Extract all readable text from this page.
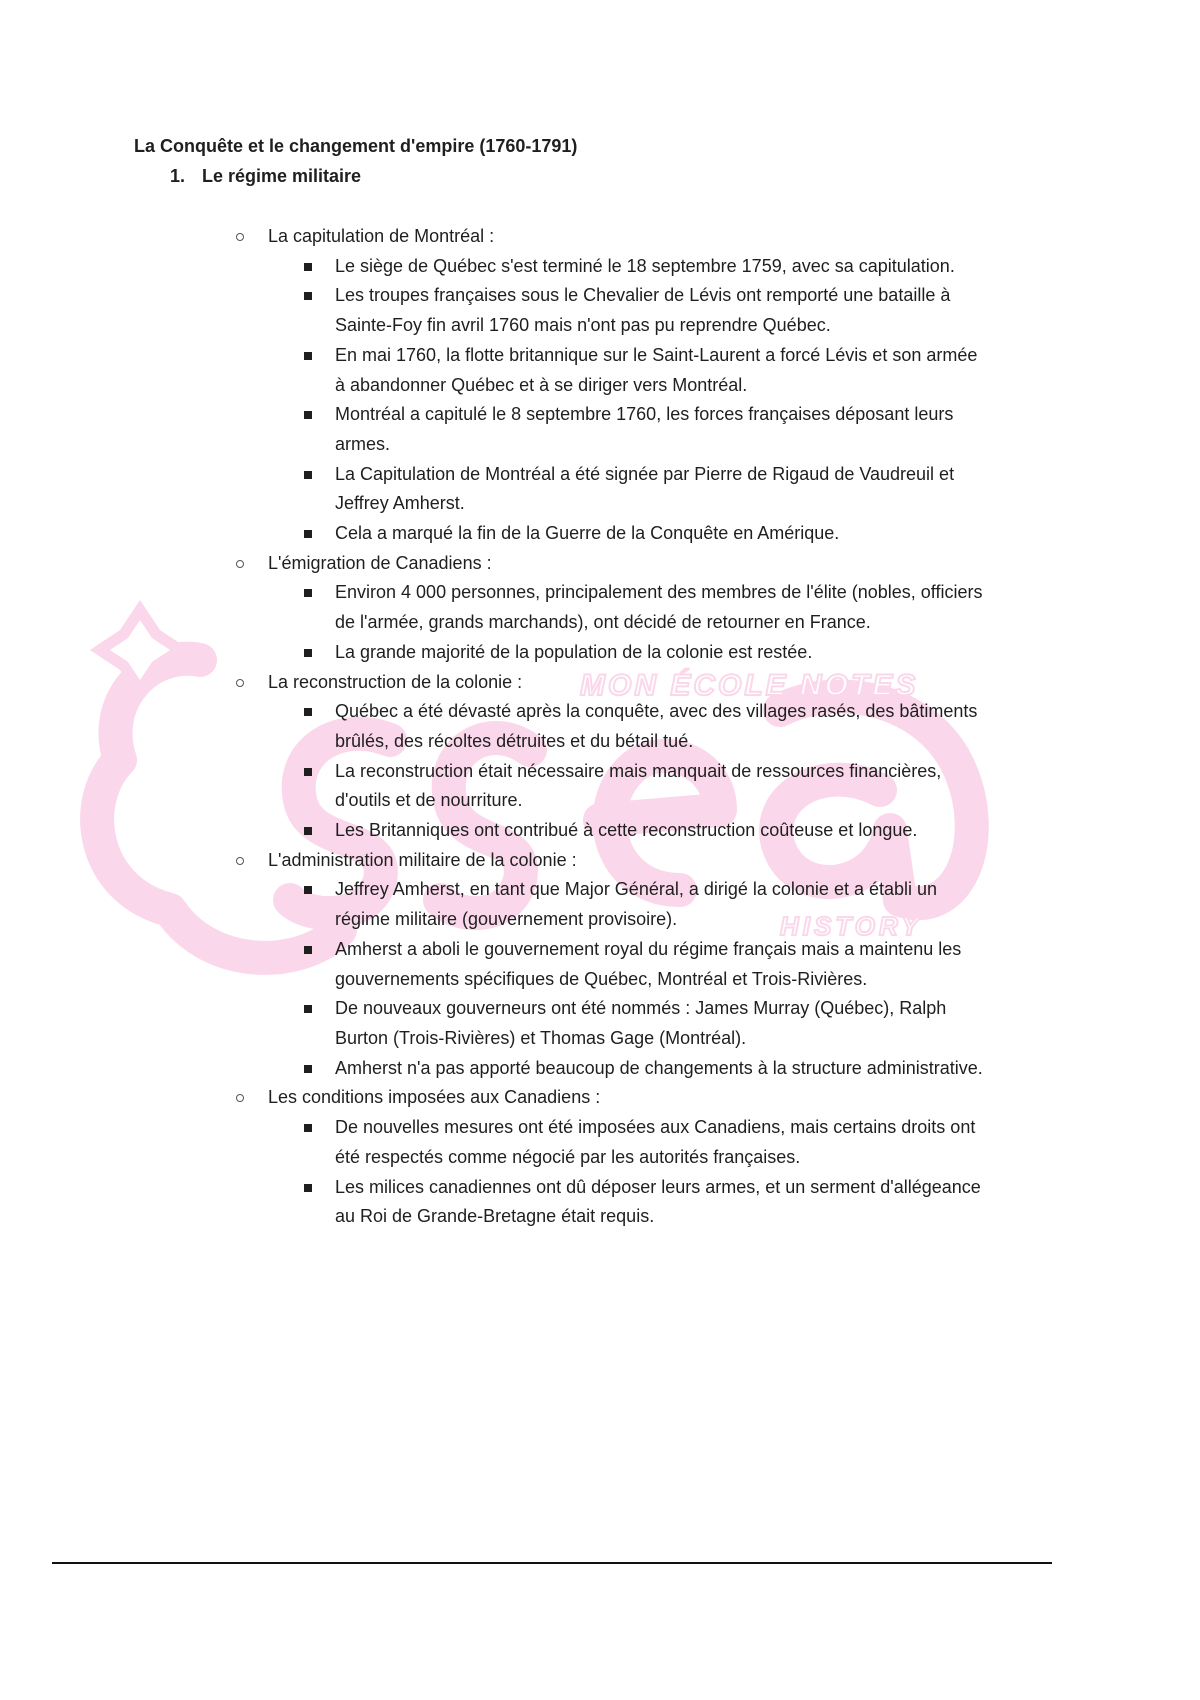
MON ÉCOLE NOTES
HISTORY
La Conquête et le changement d'empire (1760-1791)
1. Le régime militaire
La capitulation de Montréal :
Le siège de Québec s'est terminé le 18 septembre 1759, avec sa capitulation.
Les troupes françaises sous le Chevalier de Lévis ont remporté une bataille à Sainte-Foy fin avril 1760 mais n'ont pas pu reprendre Québec.
En mai 1760, la flotte britannique sur le Saint-Laurent a forcé Lévis et son armée à abandonner Québec et à se diriger vers Montréal.
Montréal a capitulé le 8 septembre 1760, les forces françaises déposant leurs armes.
La Capitulation de Montréal a été signée par Pierre de Rigaud de Vaudreuil et Jeffrey Amherst.
Cela a marqué la fin de la Guerre de la Conquête en Amérique.
L'émigration de Canadiens :
Environ 4 000 personnes, principalement des membres de l'élite (nobles, officiers de l'armée, grands marchands), ont décidé de retourner en France.
La grande majorité de la population de la colonie est restée.
La reconstruction de la colonie :
Québec a été dévasté après la conquête, avec des villages rasés, des bâtiments brûlés, des récoltes détruites et du bétail tué.
La reconstruction était nécessaire mais manquait de ressources financières, d'outils et de nourriture.
Les Britanniques ont contribué à cette reconstruction coûteuse et longue.
L'administration militaire de la colonie :
Jeffrey Amherst, en tant que Major Général, a dirigé la colonie et a établi un régime militaire (gouvernement provisoire).
Amherst a aboli le gouvernement royal du régime français mais a maintenu les gouvernements spécifiques de Québec, Montréal et Trois-Rivières.
De nouveaux gouverneurs ont été nommés : James Murray (Québec), Ralph Burton (Trois-Rivières) et Thomas Gage (Montréal).
Amherst n'a pas apporté beaucoup de changements à la structure administrative.
Les conditions imposées aux Canadiens :
De nouvelles mesures ont été imposées aux Canadiens, mais certains droits ont été respectés comme négocié par les autorités françaises.
Les milices canadiennes ont dû déposer leurs armes, et un serment d'allégeance au Roi de Grande-Bretagne était requis.
